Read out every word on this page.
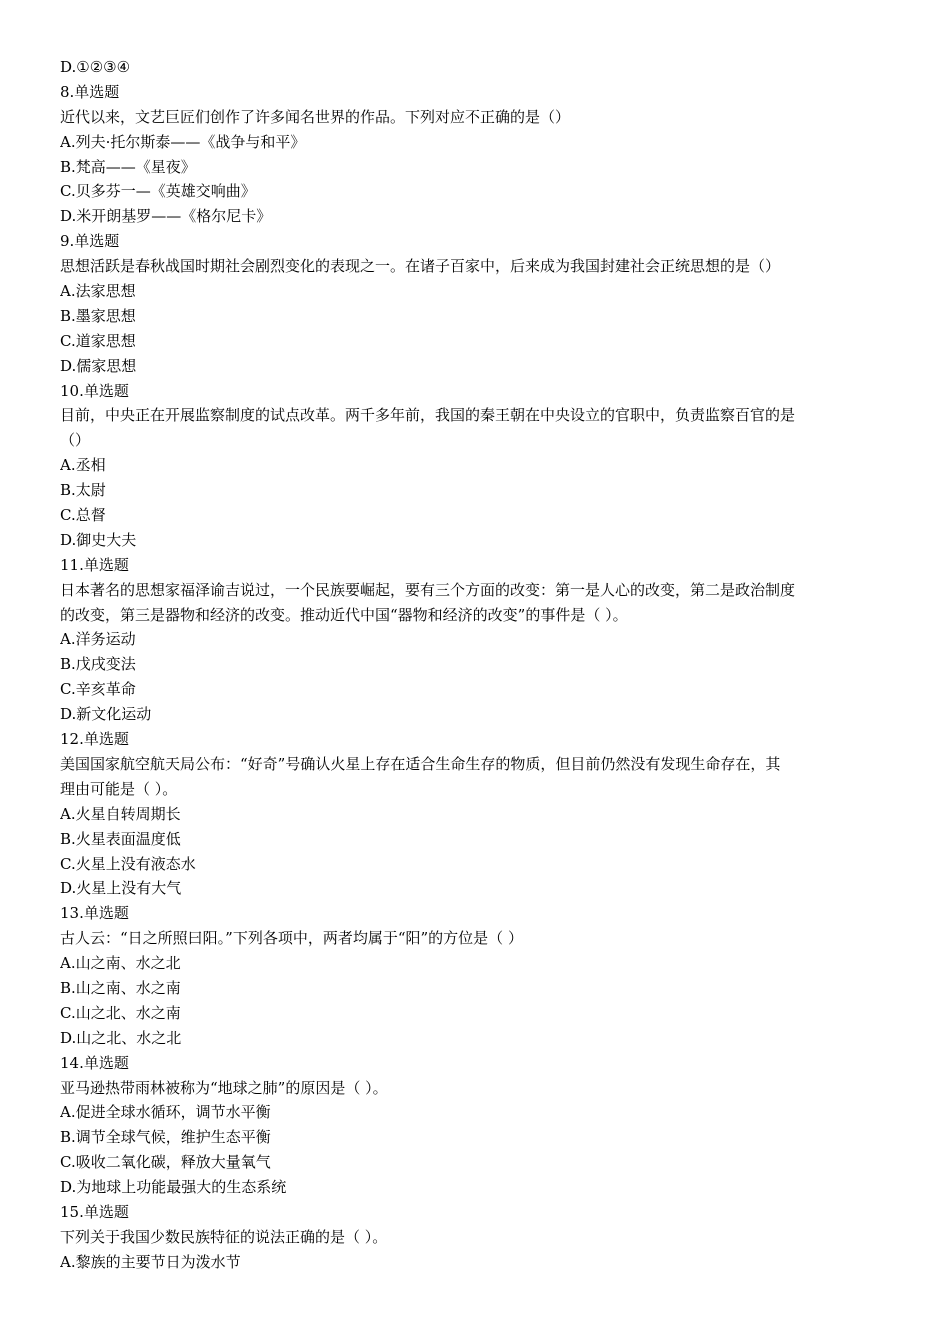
D.①②③④
8.单选题
近代以来，文艺巨匠们创作了许多闻名世界的作品。下列对应不正确的是（）
A.列夫·托尔斯泰——《战争与和平》
B.梵高——《星夜》
C.贝多芬一—《英雄交响曲》
D.米开朗基罗——《格尔尼卡》
9.单选题
思想活跃是春秋战国时期社会剧烈变化的表现之一。在诸子百家中，后来成为我国封建社会正统思想的是（）
A.法家思想
B.墨家思想
C.道家思想
D.儒家思想
10.单选题
目前，中央正在开展监察制度的试点改革。两千多年前，我国的秦王朝在中央设立的官职中，负责监察百官的是
（）
A.丞相
B.太尉
C.总督
D.御史大夫
11.单选题
日本著名的思想家福泽谕吉说过，一个民族要崛起，要有三个方面的改变：第一是人心的改变，第二是政治制度
的改变，第三是器物和经济的改变。推动近代中国“器物和经济的改变”的事件是（ ）。
A.洋务运动
B.戊戌变法
C.辛亥革命
D.新文化运动
12.单选题
美国国家航空航天局公布：“好奇”号确认火星上存在适合生命生存的物质，但目前仍然没有发现生命存在，其
理由可能是（ ）。
A.火星自转周期长
B.火星表面温度低
C.火星上没有液态水
D.火星上没有大气
13.单选题
古人云：“日之所照曰阳。”下列各项中，两者均属于“阳”的方位是（ ）
A.山之南、水之北
B.山之南、水之南
C.山之北、水之南
D.山之北、水之北
14.单选题
亚马逊热带雨林被称为“地球之肺”的原因是（ ）。
A.促进全球水循环，调节水平衡
B.调节全球气候，维护生态平衡
C.吸收二氧化碳，释放大量氧气
D.为地球上功能最强大的生态系统
15.单选题
下列关于我国少数民族特征的说法正确的是（ ）。
A.黎族的主要节日为泼水节
